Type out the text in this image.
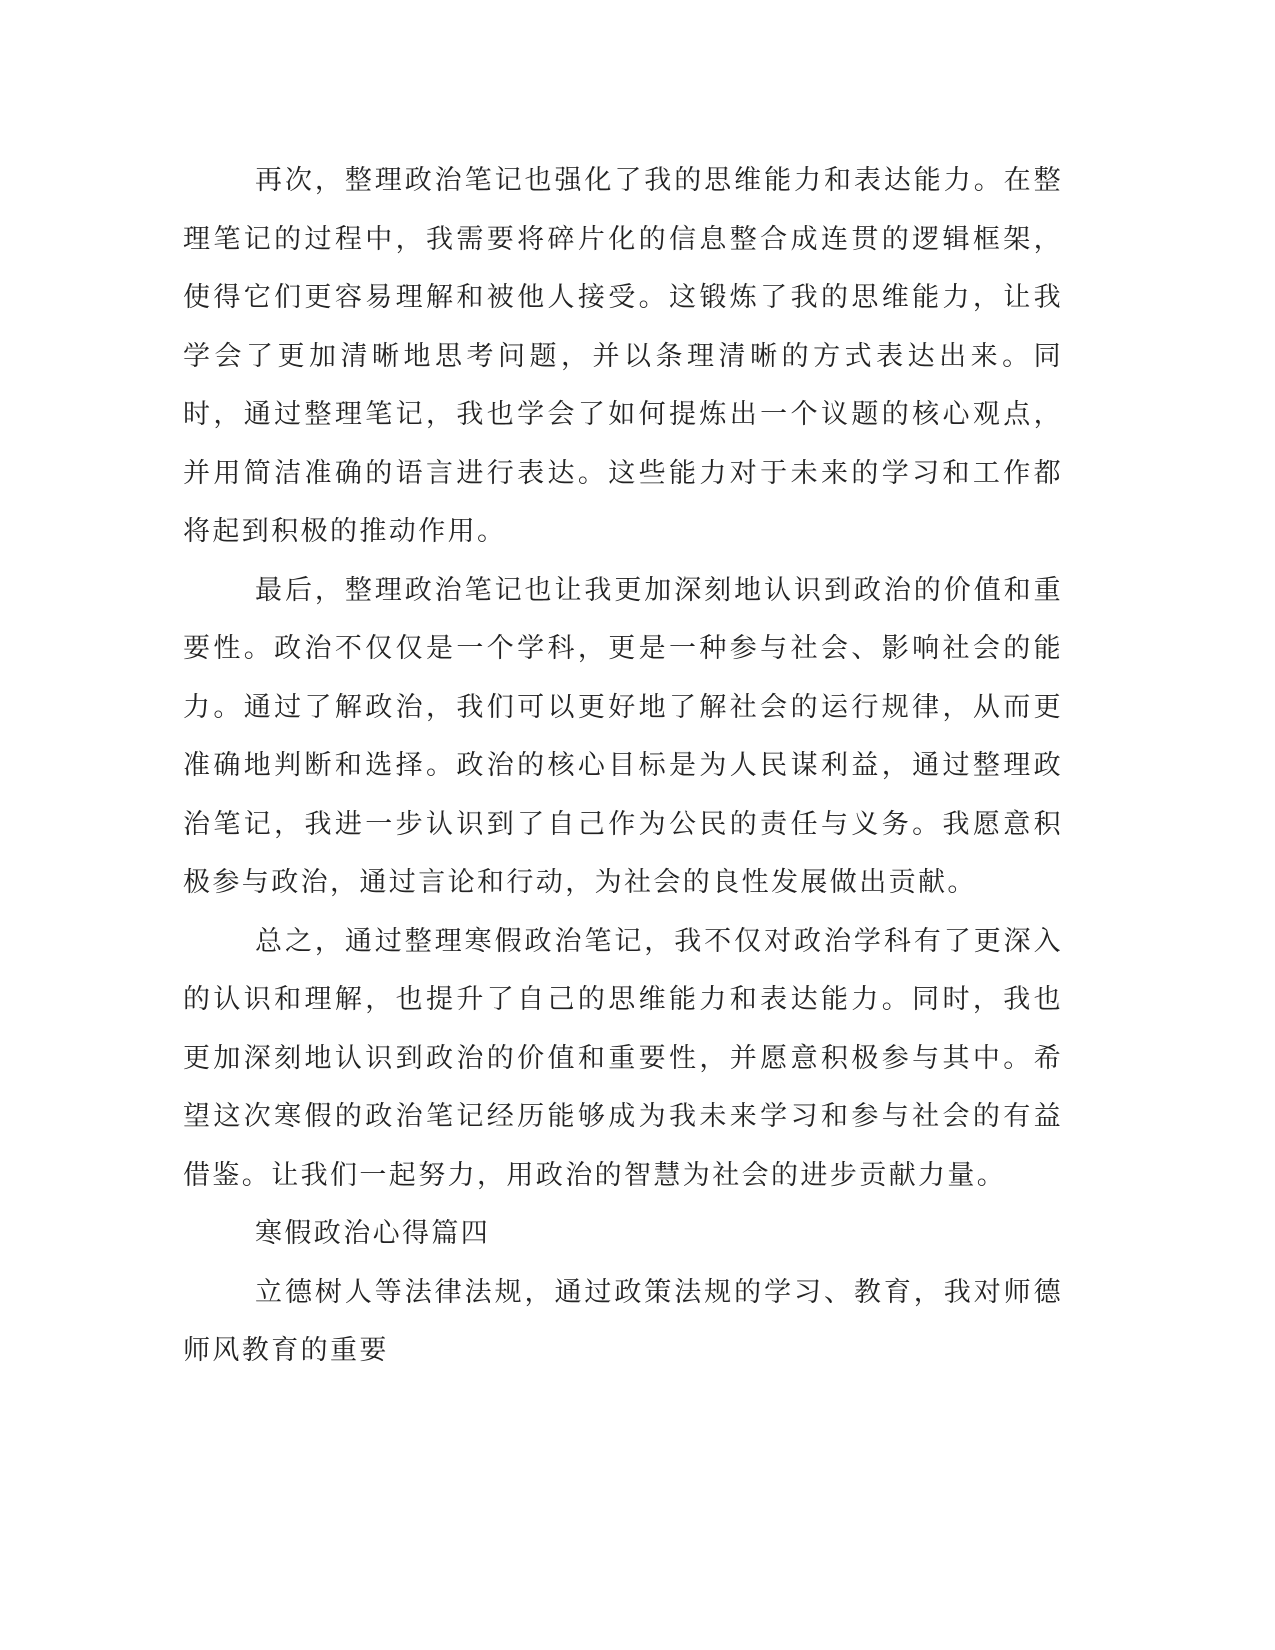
再次，整理政治笔记也强化了我的思维能力和表达能力。在整理笔记的过程中，我需要将碎片化的信息整合成连贯的逻辑框架，使得它们更容易理解和被他人接受。这锻炼了我的思维能力，让我学会了更加清晰地思考问题，并以条理清晰的方式表达出来。同时，通过整理笔记，我也学会了如何提炼出一个议题的核心观点，并用简洁准确的语言进行表达。这些能力对于未来的学习和工作都将起到积极的推动作用。

最后，整理政治笔记也让我更加深刻地认识到政治的价值和重要性。政治不仅仅是一个学科，更是一种参与社会、影响社会的能力。通过了解政治，我们可以更好地了解社会的运行规律，从而更准确地判断和选择。政治的核心目标是为人民谋利益，通过整理政治笔记，我进一步认识到了自己作为公民的责任与义务。我愿意积极参与政治，通过言论和行动，为社会的良性发展做出贡献。

总之，通过整理寒假政治笔记，我不仅对政治学科有了更深入的认识和理解，也提升了自己的思维能力和表达能力。同时，我也更加深刻地认识到政治的价值和重要性，并愿意积极参与其中。希望这次寒假的政治笔记经历能够成为我未来学习和参与社会的有益借鉴。让我们一起努力，用政治的智慧为社会的进步贡献力量。

寒假政治心得篇四

立德树人等法律法规，通过政策法规的学习、教育，我对师德师风教育的重要
